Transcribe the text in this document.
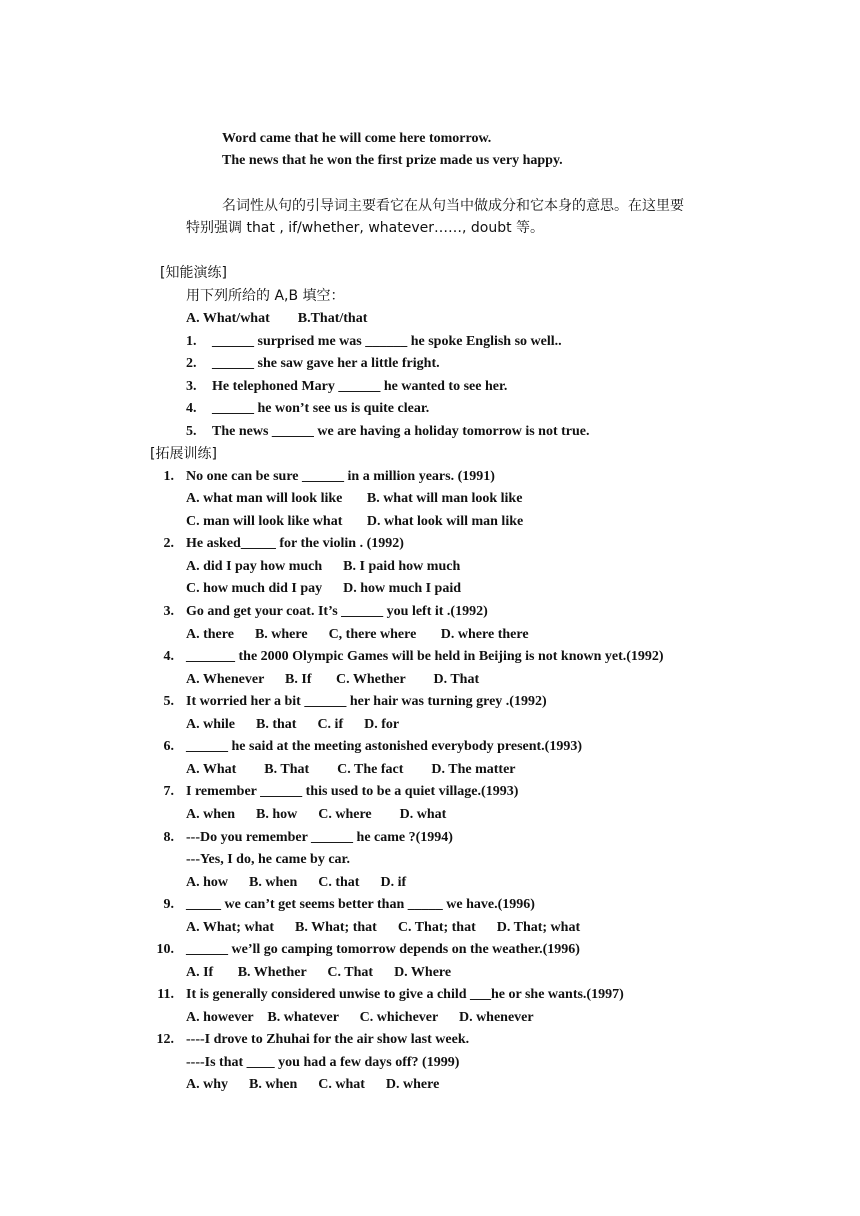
Word came that he will come here tomorrow.
The news that he won the first prize made us very happy.
名词性从句的引导词主要看它在从句当中做成分和它本身的意思。在这里要
特别强调 that , if/whether, whatever……, doubt 等。
[知能演练]
用下列所给的 A,B 填空：
A. What/what        B.That/that
1. ______ surprised me was ______ he spoke English so well..
2. ______ she saw gave her a little fright.
3. He telephoned Mary ______ he wanted to see her.
4. ______ he won’t see us is quite clear.
5. The news ______ we are having a holiday tomorrow is not true.
[拓展训练]
1. No one can be sure ______ in a million years. (1991)
A. what man will look like       B. what will man look like
C. man will look like what       D. what look will man like
2. He asked_____ for the violin . (1992)
A. did I pay how much      B. I paid how much
C. how much did I pay      D. how much I paid
3. Go and get your coat. It’s ______ you left it .(1992)
A. there      B. where      C, there where       D. where there
4. _______ the 2000 Olympic Games will be held in Beijing is not known yet.(1992)
A. Whenever      B. If       C. Whether        D. That
5. It worried her a bit ______ her hair was turning grey .(1992)
A. while      B. that      C. if      D. for
6. ______ he said at the meeting astonished everybody present.(1993)
A. What        B. That        C. The fact        D. The matter
7. I remember ______ this used to be a quiet village.(1993)
A. when      B. how      C. where        D. what
8. ---Do you remember ______ he came ?(1994)
---Yes, I do, he came by car.
A. how      B. when      C. that      D. if
9. _____ we can’t get seems better than _____ we have.(1996)
A. What; what      B. What; that      C. That; that      D. That; what
10. ______ we’ll go camping tomorrow depends on the weather.(1996)
A. If       B. Whether      C. That      D. Where
11. It is generally considered unwise to give a child ___he or she wants.(1997)
A. however    B. whatever      C. whichever      D. whenever
12. ----I drove to Zhuhai for the air show last week.
----Is that ____ you had a few days off? (1999)
A. why      B. when      C. what      D. where
